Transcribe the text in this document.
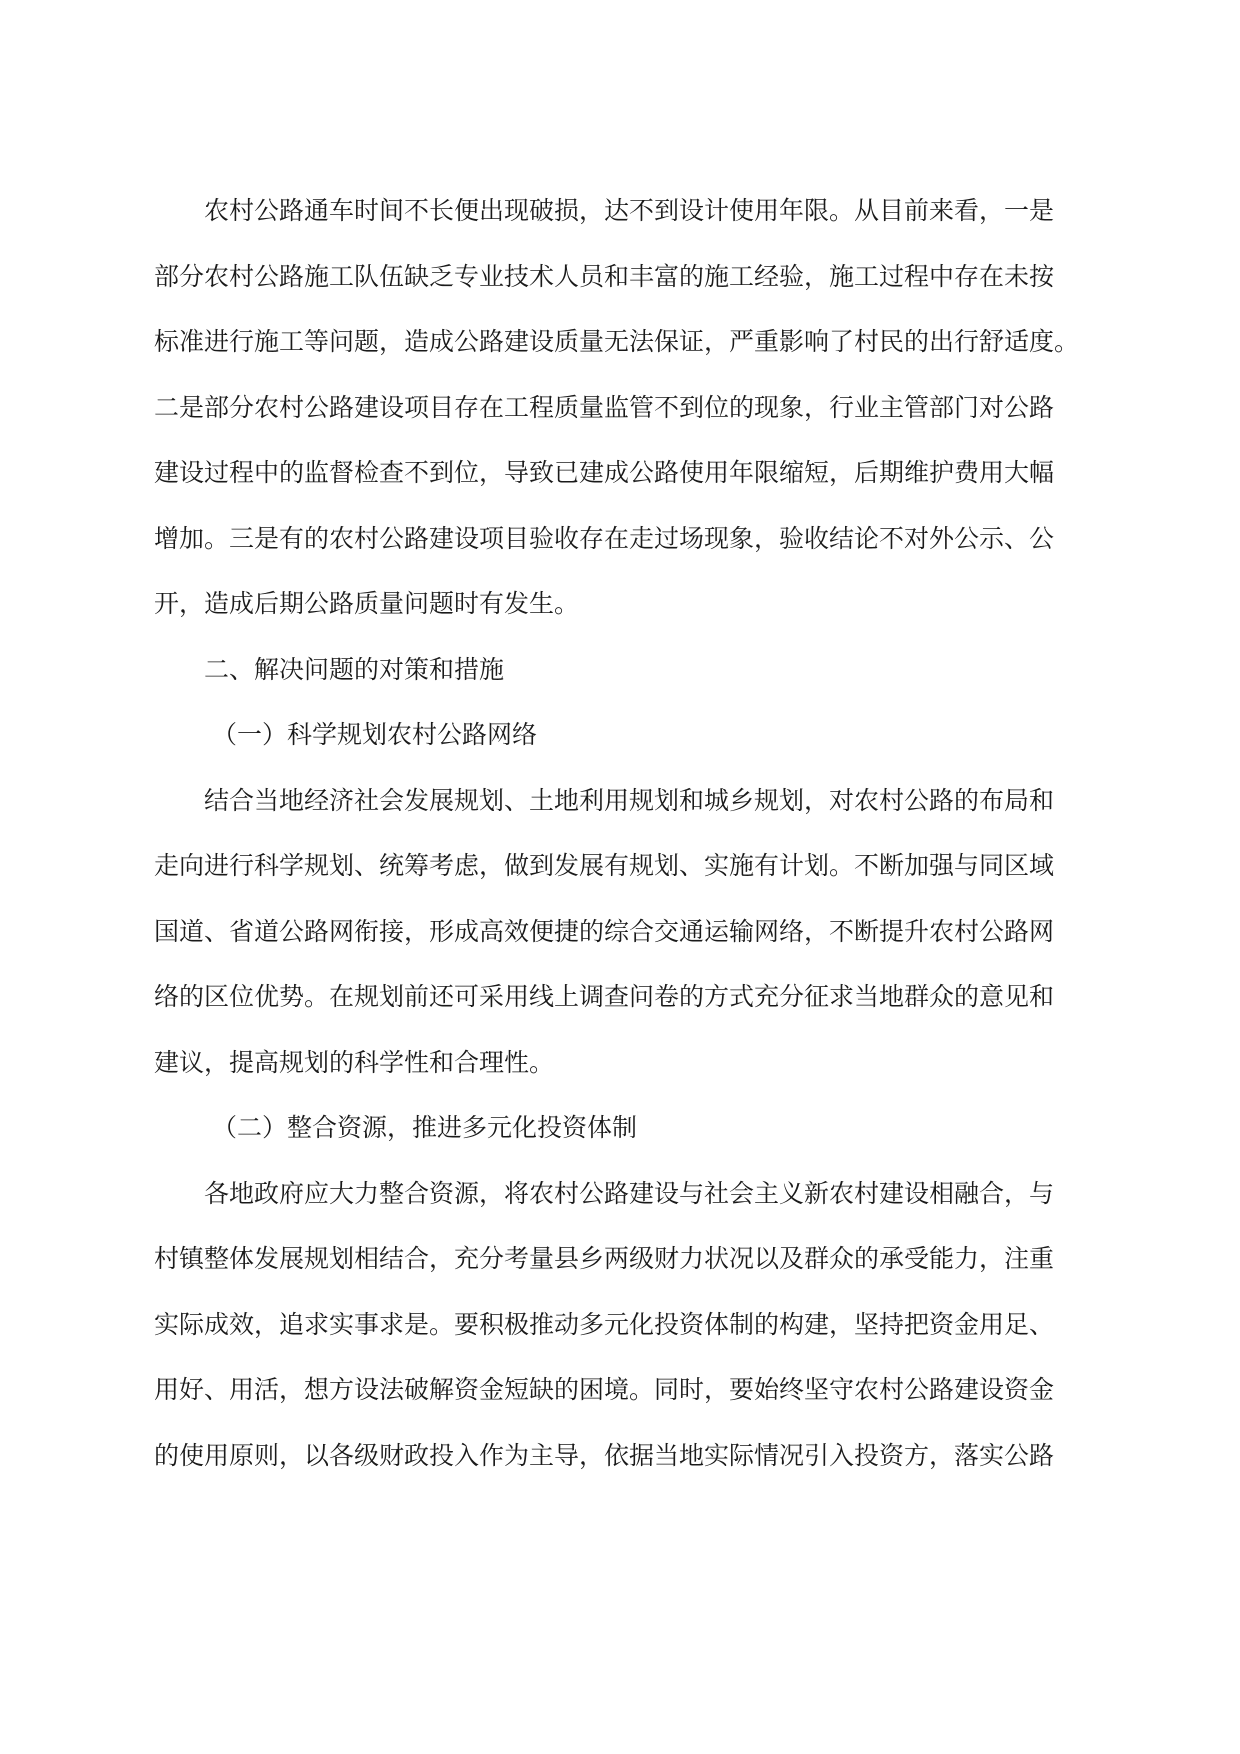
农村公路通车时间不长便出现破损，达不到设计使用年限。从目前来看，一是
部分农村公路施工队伍缺乏专业技术人员和丰富的施工经验，施工过程中存在未按
标准进行施工等问题，造成公路建设质量无法保证，严重影响了村民的出行舒适度。
二是部分农村公路建设项目存在工程质量监管不到位的现象，行业主管部门对公路
建设过程中的监督检查不到位，导致已建成公路使用年限缩短，后期维护费用大幅
增加。三是有的农村公路建设项目验收存在走过场现象，验收结论不对外公示、公
开，造成后期公路质量问题时有发生。
二、解决问题的对策和措施
（一）科学规划农村公路网络
结合当地经济社会发展规划、土地利用规划和城乡规划，对农村公路的布局和
走向进行科学规划、统筹考虑，做到发展有规划、实施有计划。不断加强与同区域
国道、省道公路网衔接，形成高效便捷的综合交通运输网络，不断提升农村公路网
络的区位优势。在规划前还可采用线上调查问卷的方式充分征求当地群众的意见和
建议，提高规划的科学性和合理性。
（二）整合资源，推进多元化投资体制
各地政府应大力整合资源，将农村公路建设与社会主义新农村建设相融合，与
村镇整体发展规划相结合，充分考量县乡两级财力状况以及群众的承受能力，注重
实际成效，追求实事求是。要积极推动多元化投资体制的构建，坚持把资金用足、
用好、用活，想方设法破解资金短缺的困境。同时，要始终坚守农村公路建设资金
的使用原则，以各级财政投入作为主导，依据当地实际情况引入投资方，落实公路
